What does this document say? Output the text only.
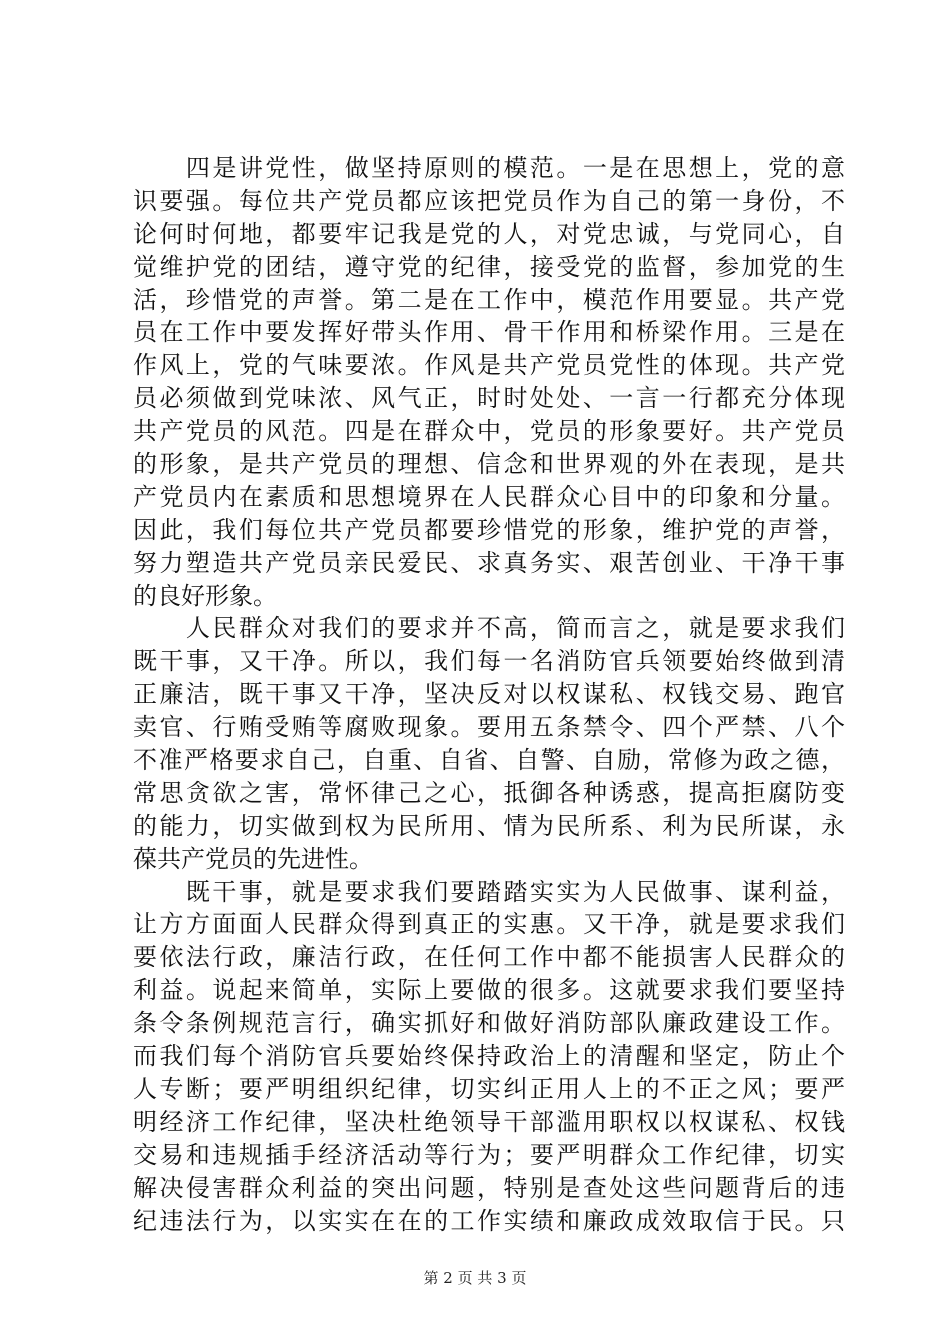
　　四是讲党性，做坚持原则的模范。一是在思想上，党的意
识要强。每位共产党员都应该把党员作为自己的第一身份，不
论何时何地，都要牢记我是党的人，对党忠诚，与党同心，自
觉维护党的团结，遵守党的纪律，接受党的监督，参加党的生
活，珍惜党的声誉。第二是在工作中，模范作用要显。共产党
员在工作中要发挥好带头作用、骨干作用和桥梁作用。三是在
作风上，党的气味要浓。作风是共产党员党性的体现。共产党
员必须做到党味浓、风气正，时时处处、一言一行都充分体现
共产党员的风范。四是在群众中，党员的形象要好。共产党员
的形象，是共产党员的理想、信念和世界观的外在表现，是共
产党员内在素质和思想境界在人民群众心目中的印象和分量。
因此，我们每位共产党员都要珍惜党的形象，维护党的声誉，
努力塑造共产党员亲民爱民、求真务实、艰苦创业、干净干事
的良好形象。
　　人民群众对我们的要求并不高，简而言之，就是要求我们
既干事，又干净。所以，我们每一名消防官兵领要始终做到清
正廉洁，既干事又干净，坚决反对以权谋私、权钱交易、跑官
卖官、行贿受贿等腐败现象。要用五条禁令、四个严禁、八个
不准严格要求自己，自重、自省、自警、自励，常修为政之德，
常思贪欲之害，常怀律己之心，抵御各种诱惑，提高拒腐防变
的能力，切实做到权为民所用、情为民所系、利为民所谋，永
葆共产党员的先进性。
　　既干事，就是要求我们要踏踏实实为人民做事、谋利益，
让方方面面人民群众得到真正的实惠。又干净，就是要求我们
要依法行政，廉洁行政，在任何工作中都不能损害人民群众的
利益。说起来简单，实际上要做的很多。这就要求我们要坚持
条令条例规范言行，确实抓好和做好消防部队廉政建设工作。
而我们每个消防官兵要始终保持政治上的清醒和坚定，防止个
人专断；要严明组织纪律，切实纠正用人上的不正之风；要严
明经济工作纪律，坚决杜绝领导干部滥用职权以权谋私、权钱
交易和违规插手经济活动等行为；要严明群众工作纪律，切实
解决侵害群众利益的突出问题，特别是查处这些问题背后的违
纪违法行为，以实实在在的工作实绩和廉政成效取信于民。只
第 2 页 共 3 页
